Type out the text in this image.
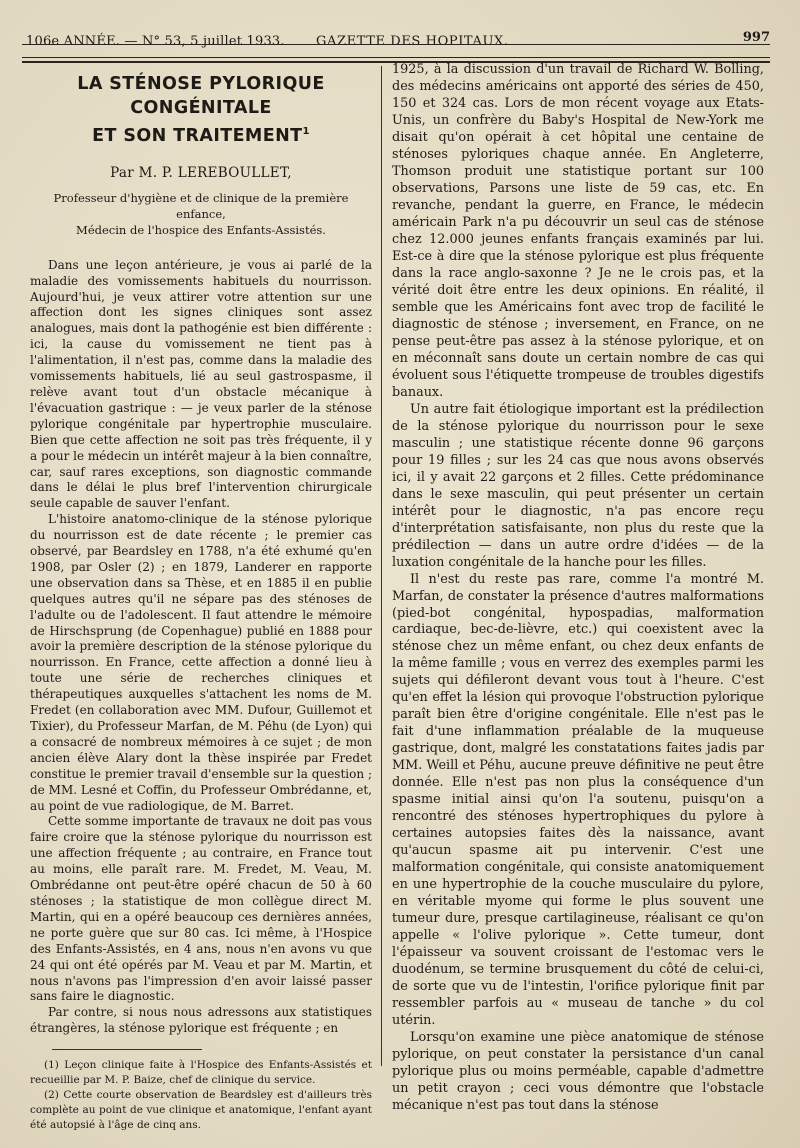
106e ANNÉE. — N° 53, 5 juillet 1933. GAZETTE DES HOPITAUX.	997
LA STÉNOSE PYLORIQUE CONGÉNITALE
ET SON TRAITEMENT$^1$
Par M. P. LEREBOULLET,
Professeur d'hygiène et de clinique de la première enfance,
Médecin de l'hospice des Enfants-Assistés.

Dans une leçon antérieure, je vous ai parlé de la maladie des vomissements habituels du nourrisson. Aujourd'hui, je veux attirer votre attention sur une affection dont les signes cliniques sont assez analogues, mais dont la pathogénie est bien différente : ici, la cause du vomissement ne tient pas à l'alimentation, il n'est pas, comme dans la maladie des vomissements habituels, lié au seul gastrospasme, il relève avant tout d'un obstacle mécanique à l'évacuation gastrique : — je veux parler de la sténose pylorique congénitale par hypertrophie musculaire. Bien que cette affection ne soit pas très fréquente, il y a pour le médecin un intérêt majeur à la bien connaître, car, sauf rares exceptions, son diagnostic commande dans le délai le plus bref l'intervention chirurgicale seule capable de sauver l'enfant.

L'histoire anatomo-clinique de la sténose pylorique du nourrisson est de date récente ; le premier cas observé, par Beardsley en 1788, n'a été exhumé qu'en 1908, par Osler (2) ; en 1879, Landerer en rapporte une observation dans sa Thèse, et en 1885 il en publie quelques autres qu'il ne sépare pas des sténoses de l'adulte ou de l'adolescent. Il faut attendre le mémoire de Hirschsprung (de Copenhague) publié en 1888 pour avoir la première description de la sténose pylorique du nourrisson. En France, cette affection a donné lieu à toute une série de recherches cliniques et thérapeutiques auxquelles s'attachent les noms de M. Fredet (en collaboration avec MM. Dufour, Guillemot et Tixier), du Professeur Marfan, de M. Péhu (de Lyon) qui a consacré de nombreux mémoires à ce sujet ; de mon ancien élève Alary dont la thèse inspirée par Fredet constitue le premier travail d'ensemble sur la question ; de MM. Lesné et Coffin, du Professeur Ombrédanne, et, au point de vue radiologique, de M. Barret.

Cette somme importante de travaux ne doit pas vous faire croire que la sténose pylorique du nourrisson est une affection fréquente ; au contraire, en France tout au moins, elle paraît rare. M. Fredet, M. Veau, M. Ombrédanne ont peut-être opéré chacun de 50 à 60 sténoses ; la statistique de mon collègue direct M. Martin, qui en a opéré beaucoup ces dernières années, ne porte guère que sur 80 cas. Ici même, à l'Hospice des Enfants-Assistés, en 4 ans, nous n'en avons vu que 24 qui ont été opérés par M. Veau et par M. Martin, et nous n'avons pas l'impression d'en avoir laissé passer sans faire le diagnostic.

Par contre, si nous nous adressons aux statistiques étrangères, la sténose pylorique est fréquente ; en

(1) Leçon clinique faite à l'Hospice des Enfants-Assistés et recueillie par M. P. Baize, chef de clinique du service.

(2) Cette courte observation de Beardsley est d'ailleurs très complète au point de vue clinique et anatomique, l'enfant ayant été autopsié à l'âge de cinq ans.

1925, à la discussion d'un travail de Richard W. Bolling, des médecins américains ont apporté des séries de 450, 150 et 324 cas. Lors de mon récent voyage aux Etats-Unis, un confrère du Baby's Hospital de New-York me disait qu'on opérait à cet hôpital une centaine de sténoses pyloriques chaque année. En Angleterre, Thomson produit une statistique portant sur 100 observations, Parsons une liste de 59 cas, etc. En revanche, pendant la guerre, en France, le médecin américain Park n'a pu découvrir un seul cas de sténose chez 12.000 jeunes enfants français examinés par lui. Est-ce à dire que la sténose pylorique est plus fréquente dans la race anglo-saxonne ? Je ne le crois pas, et la vérité doit être entre les deux opinions. En réalité, il semble que les Américains font avec trop de facilité le diagnostic de sténose ; inversement, en France, on ne pense peut-être pas assez à la sténose pylorique, et on en méconnaît sans doute un certain nombre de cas qui évoluent sous l'étiquette trompeuse de troubles digestifs banaux.

Un autre fait étiologique important est la prédilection de la sténose pylorique du nourrisson pour le sexe masculin ; une statistique récente donne 96 garçons pour 19 filles ; sur les 24 cas que nous avons observés ici, il y avait 22 garçons et 2 filles. Cette prédominance dans le sexe masculin, qui peut présenter un certain intérêt pour le diagnostic, n'a pas encore reçu d'interprétation satisfaisante, non plus du reste que la prédilection — dans un autre ordre d'idées — de la luxation congénitale de la hanche pour les filles.

Il n'est du reste pas rare, comme l'a montré M. Marfan, de constater la présence d'autres malformations (pied-bot congénital, hypospadias, malformation cardiaque, bec-de-lièvre, etc.) qui coexistent avec la sténose chez un même enfant, ou chez deux enfants de la même famille ; vous en verrez des exemples parmi les sujets qui défileront devant vous tout à l'heure. C'est qu'en effet la lésion qui provoque l'obstruction pylorique paraît bien être d'origine congénitale. Elle n'est pas le fait d'une inflammation préalable de la muqueuse gastrique, dont, malgré les constatations faites jadis par MM. Weill et Péhu, aucune preuve définitive ne peut être donnée. Elle n'est pas non plus la conséquence d'un spasme initial ainsi qu'on l'a soutenu, puisqu'on a rencontré des sténoses hypertrophiques du pylore à certaines autopsies faites dès la naissance, avant qu'aucun spasme ait pu intervenir. C'est une malformation congénitale, qui consiste anatomiquement en une hypertrophie de la couche musculaire du pylore, en véritable myome qui forme le plus souvent une tumeur dure, presque cartilagineuse, réalisant ce qu'on appelle « l'olive pylorique ». Cette tumeur, dont l'épaisseur va souvent croissant de l'estomac vers le duodénum, se termine brusquement du côté de celui-ci, de sorte que vu de l'intestin, l'orifice pylorique finit par ressembler parfois au « museau de tanche » du col utérin.

Lorsqu'on examine une pièce anatomique de sténose pylorique, on peut constater la persistance d'un canal pylorique plus ou moins perméable, capable d'admettre un petit crayon ; ceci vous démontre que l'obstacle mécanique n'est pas tout dans la sténose
